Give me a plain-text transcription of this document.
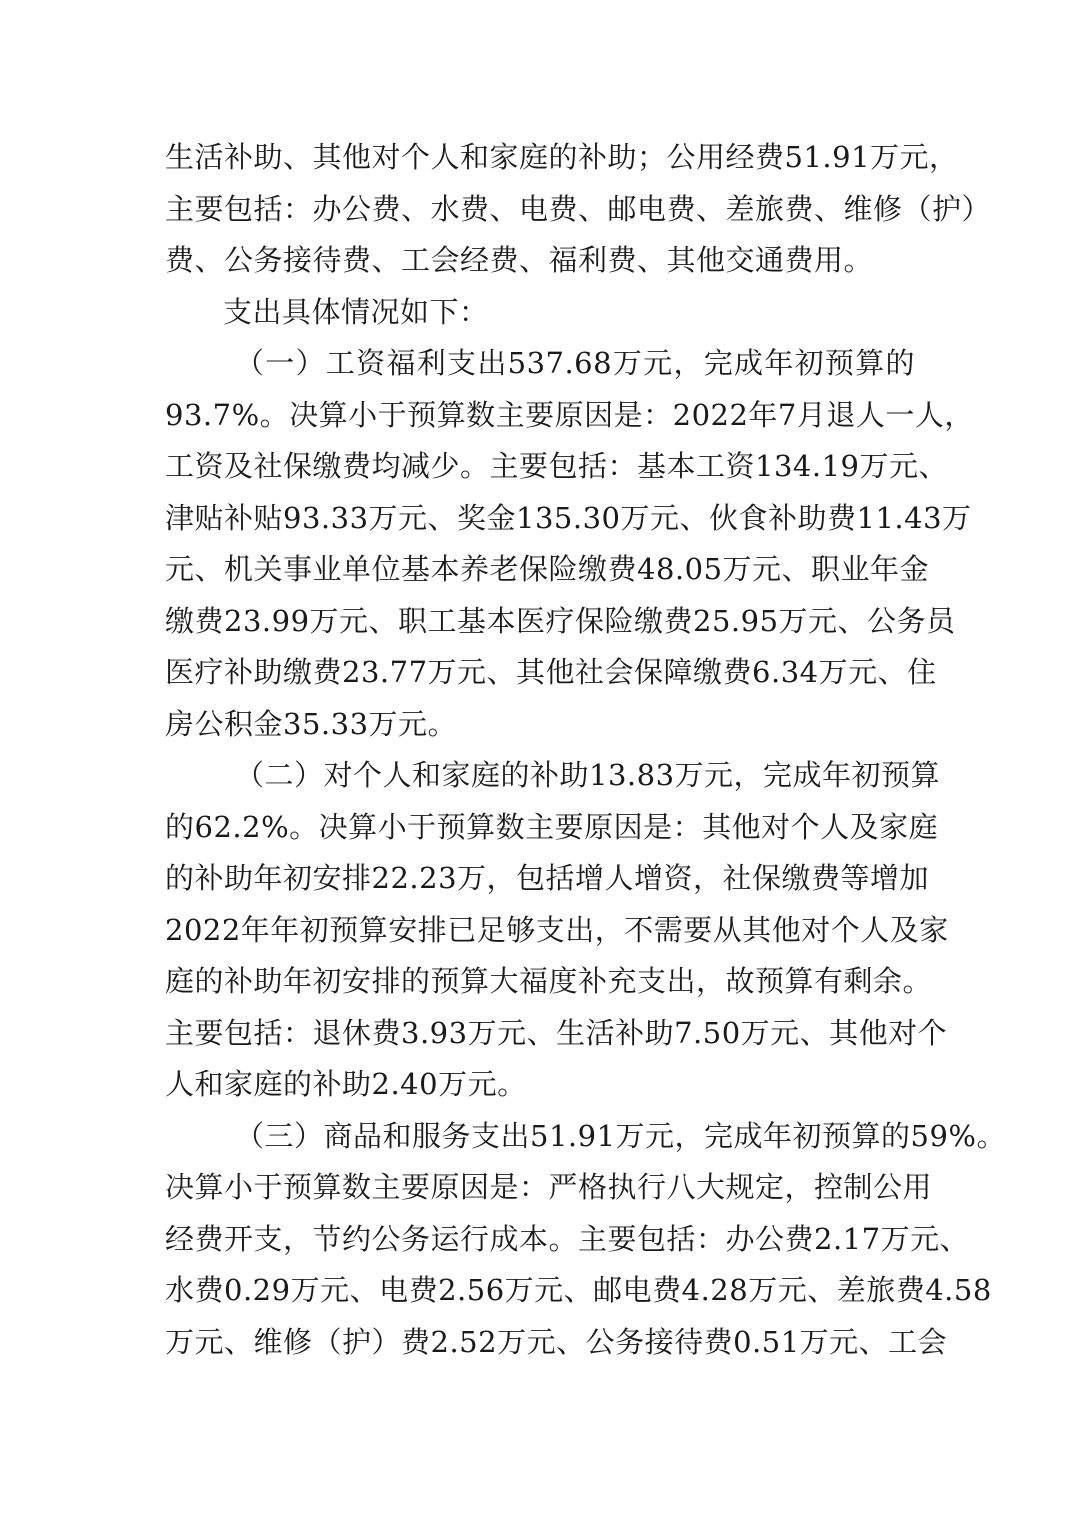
生活补助、其他对个人和家庭的补助；公用经费51.91万元，
主要包括：办公费、水费、电费、邮电费、差旅费、维修（护）
费、公务接待费、工会经费、福利费、其他交通费用。
支出具体情况如下：
（一）工资福利支出537.68万元，完成年初预算的
93.7%。决算小于预算数主要原因是：2022年7月退人一人，
工资及社保缴费均减少。主要包括：基本工资134.19万元、
津贴补贴93.33万元、奖金135.30万元、伙食补助费11.43万
元、机关事业单位基本养老保险缴费48.05万元、职业年金
缴费23.99万元、职工基本医疗保险缴费25.95万元、公务员
医疗补助缴费23.77万元、其他社会保障缴费6.34万元、住
房公积金35.33万元。
（二）对个人和家庭的补助13.83万元，完成年初预算
的62.2%。决算小于预算数主要原因是：其他对个人及家庭
的补助年初安排22.23万，包括增人增资，社保缴费等增加
2022年年初预算安排已足够支出，不需要从其他对个人及家
庭的补助年初安排的预算大福度补充支出，故预算有剩余。
主要包括：退休费3.93万元、生活补助7.50万元、其他对个
人和家庭的补助2.40万元。
（三）商品和服务支出51.91万元，完成年初预算的59%。
决算小于预算数主要原因是：严格执行八大规定，控制公用
经费开支，节约公务运行成本。主要包括：办公费2.17万元、
水费0.29万元、电费2.56万元、邮电费4.28万元、差旅费4.58
万元、维修（护）费2.52万元、公务接待费0.51万元、工会
